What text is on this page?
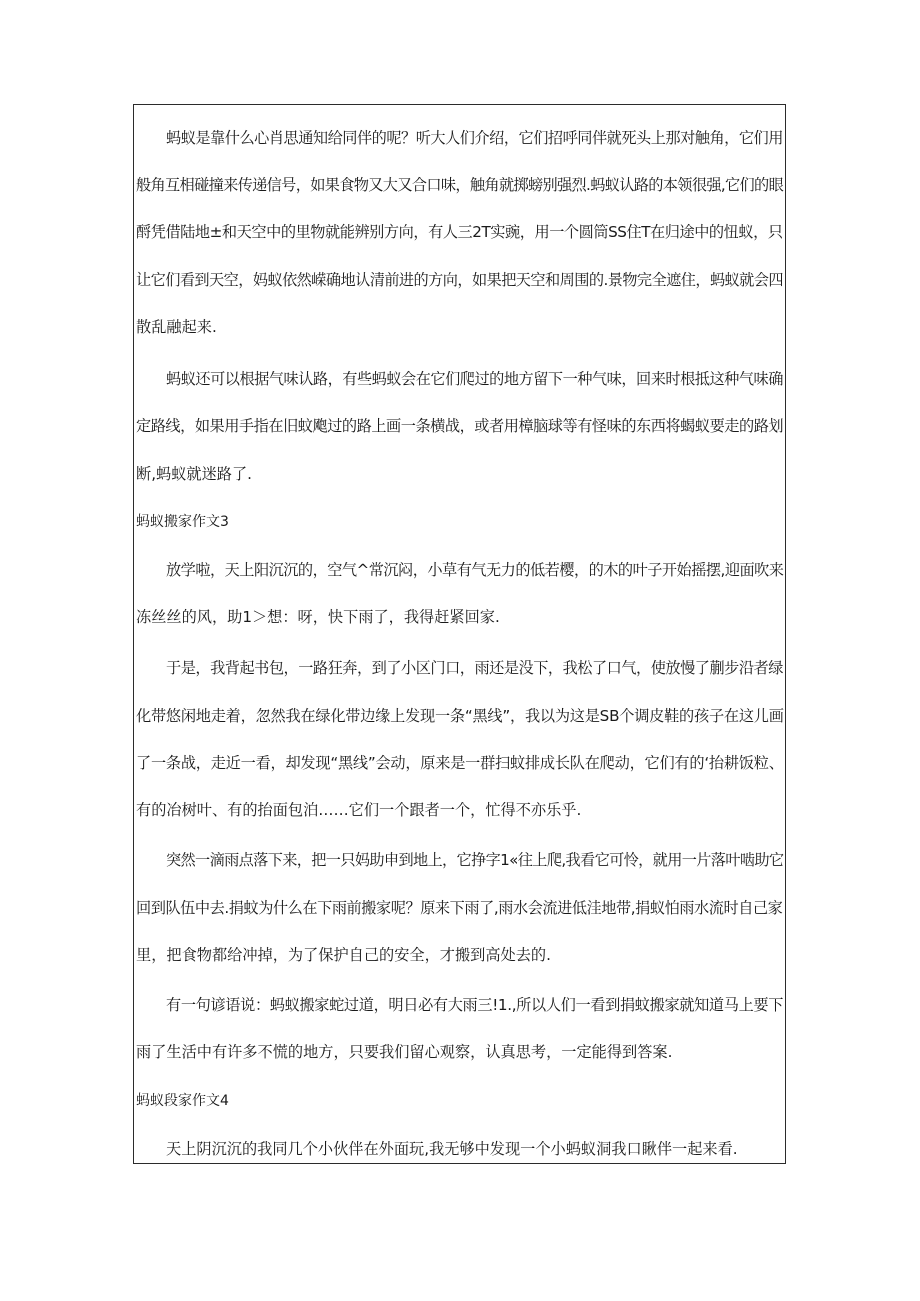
蚂蚁是靠什么心肖思通知给同伴的呢？听大人们介绍，它们招呼同伴就死头上那对触角，它们用
般角互相碰撞来传递信号，如果食物又大又合口味，触角就掷螃别强烈.蚂蚁认路的本领很强,它们的眼
酹凭借陆地±和天空中的里物就能辨别方向，有人三2T实豌，用一个圆筒SS住T在归途中的忸蚁，只
让它们看到天空，妈蚁依然嵘确地认清前进的方向，如果把天空和周围的.景物完全遮住，蚂蚁就会四
散乱融起来.
蚂蚁还可以根据气味认路，有些蚂蚁会在它们爬过的地方留下一种气味，回来时根抵这种气味确
定路线，如果用手指在旧蚊飑过的路上画一条横战，或者用樟脑球等有怪味的东西将蝎蚁要走的路划
断,蚂蚁就迷路了.
蚂蚁搬家作文3
放学啦，天上阳沉沉的，空气^常沉闷，小草有气无力的低若樱，的木的叶子开始摇摆,迎面吹来
冻丝丝的风，助1＞想：呀，快下雨了，我得赶紧回家.
于是，我背起书包，一路狂奔，到了小区门口，雨还是没下，我松了口气，使放慢了蒯步沿者绿
化带悠闲地走着，忽然我在绿化带边缘上发现一条“黑线”，我以为这是SB个调皮鞋的孩子在这儿画
了一条战，走近一看，却发现“黑线”会动，原来是一群扫蚊排成长队在爬动，它们有的‘抬耕饭粒、
有的冶树叶、有的抬面包泊……它们一个跟者一个，忙得不亦乐乎.
突然一滴雨点落下来，把一只妈助申到地上，它挣字1«往上爬,我看它可怜，就用一片落叶啮助它
回到队伍中去.捐蚊为什么在下雨前搬家呢？原来下雨了,雨水会流进低洼地带,捐蚁怕雨水流时自己家
里，把食物都给冲掉，为了保护自己的安全，才搬到高处去的.
有一句谚语说：蚂蚁搬家蛇过道，明日必有大雨三!1.,所以人们一看到捐蚊搬家就知道马上要下
雨了生活中有许多不慌的地方，只要我们留心观察，认真思考，一定能得到答案.
蚂蚁段家作文4
天上阴沉沉的我同几个小伙伴在外面玩,我无够中发现一个小蚂蚁洞我口瞅伴一起来看.
